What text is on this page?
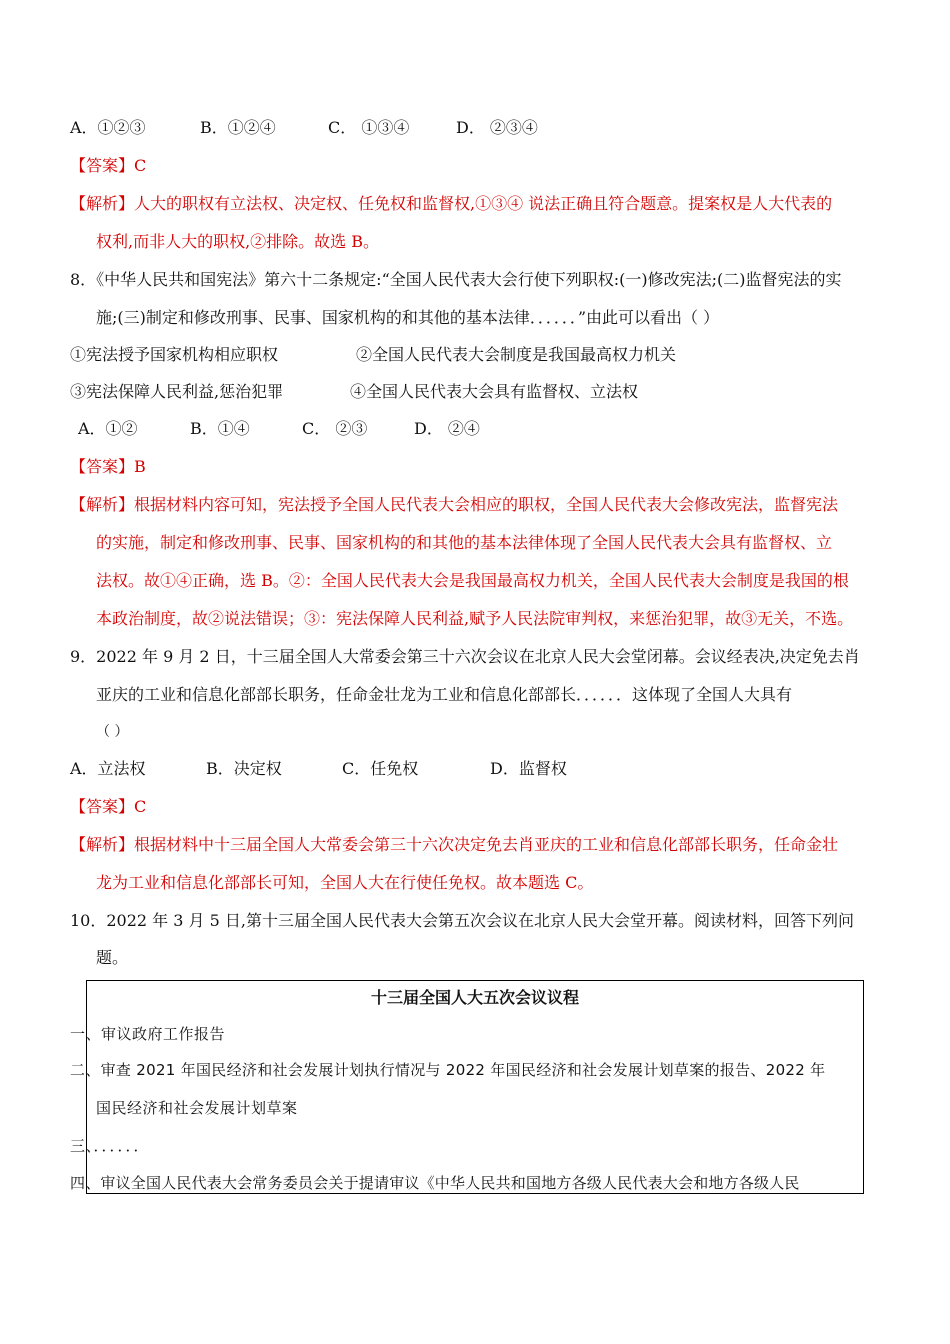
A．①②③	B．①②④	C． ①③④	D． ②③④
【答案】C
【解析】人大的职权有立法权、决定权、任免权和监督权,①③④ 说法正确且符合题意。提案权是人大代表的
权利,而非人大的职权,②排除。故选 B。
8．《中华人民共和国宪法》第六十二条规定:“全国人民代表大会行使下列职权:(一)修改宪法;(二)监督宪法的实
施;(三)制定和修改刑事、民事、国家机构的和其他的基本法律．．．．．．”由此可以看出（ ）
①宪法授予国家机构相应职权	②全国人民代表大会制度是我国最高权力机关
③宪法保障人民利益,惩治犯罪	④全国人民代表大会具有监督权、立法权
A．①②	B．①④	C． ②③	D． ②④
【答案】B
【解析】根据材料内容可知，宪法授予全国人民代表大会相应的职权，全国人民代表大会修改宪法，监督宪法
的实施，制定和修改刑事、民事、国家机构的和其他的基本法律体现了全国人民代表大会具有监督权、立
法权。故①④正确，选 B。②：全国人民代表大会是我国最高权力机关，全国人民代表大会制度是我国的根
本政治制度，故②说法错误；③：宪法保障人民利益,赋予人民法院审判权，来惩治犯罪，故③无关，不选。
9．2022 年 9 月 2 日，十三届全国人大常委会第三十六次会议在北京人民大会堂闭幕。会议经表决,决定免去肖
亚庆的工业和信息化部部长职务，任命金壮龙为工业和信息化部部长．．．．．．这体现了全国人大具有
（ ）
A．立法权	B．决定权	C．任免权	D．监督权
【答案】C
【解析】根据材料中十三届全国人大常委会第三十六次决定免去肖亚庆的工业和信息化部部长职务，任命金壮
龙为工业和信息化部部长可知，全国人大在行使任免权。故本题选 C。
10．2022 年 3 月 5 日,第十三届全国人民代表大会第五次会议在北京人民大会堂开幕。阅读材料，回答下列问
题。
十三届全国人大五次会议议程
一、审议政府工作报告
二、审查 2021 年国民经济和社会发展计划执行情况与 2022 年国民经济和社会发展计划草案的报告、2022 年
国民经济和社会发展计划草案
三、．．．．．．
四、审议全国人民代表大会常务委员会关于提请审议《中华人民共和国地方各级人民代表大会和地方各级人民
